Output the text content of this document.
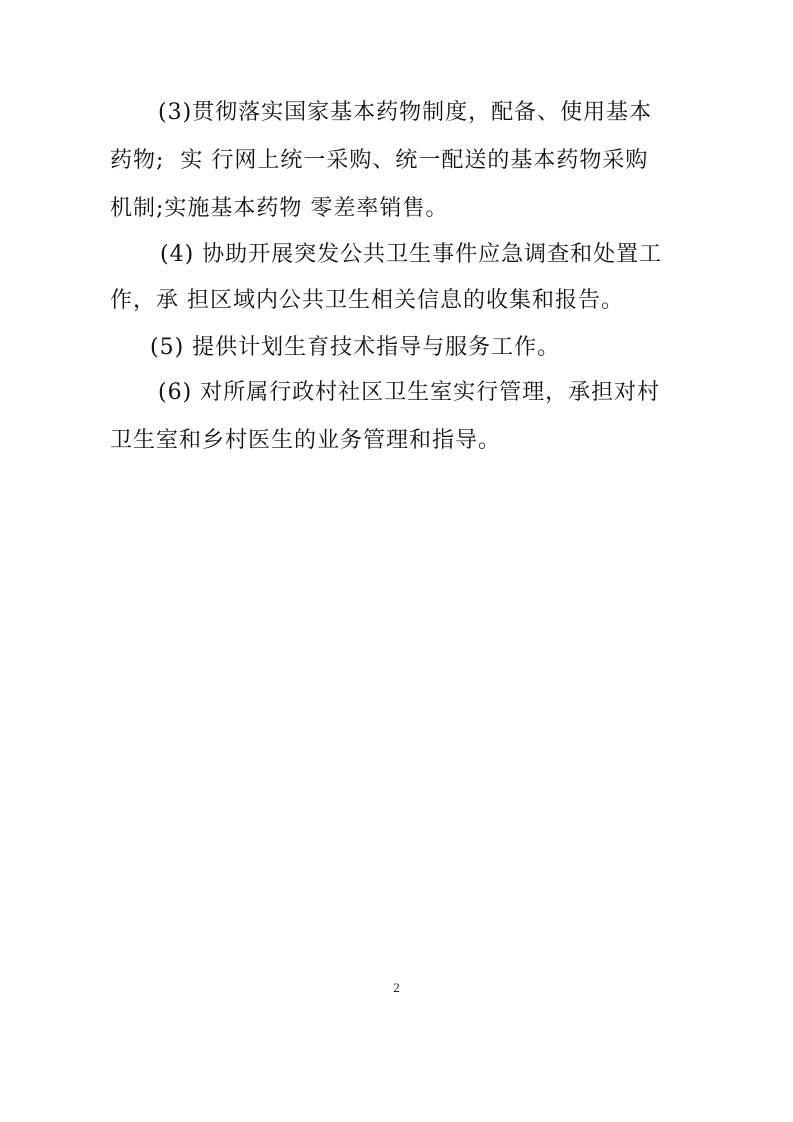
(3)贯彻落实国家基本药物制度，配备、使用基本
药物;  实 行网上统一采购、统一配送的基本药物采购
机制;实施基本药物 零差率销售。
(4) 协助开展突发公共卫生事件应急调查和处置工
作，承 担区域内公共卫生相关信息的收集和报告。
(5) 提供计划生育技术指导与服务工作。
(6) 对所属行政村社区卫生室实行管理，承担对村
卫生室和乡村医生的业务管理和指导。
2
